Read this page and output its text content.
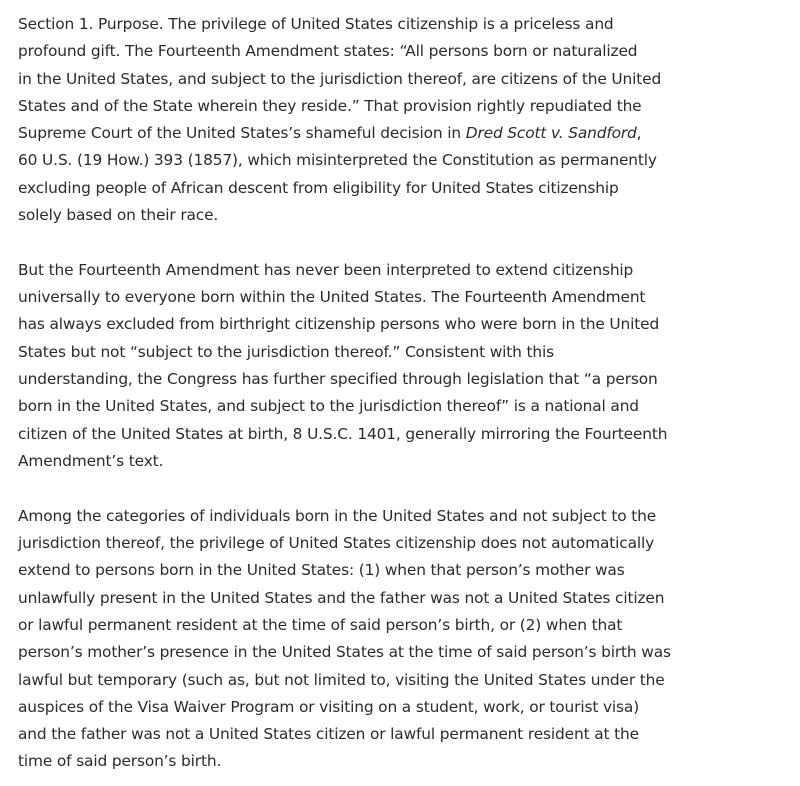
Section 1. Purpose. The privilege of United States citizenship is a priceless and
profound gift. The Fourteenth Amendment states: “All persons born or naturalized
in the United States, and subject to the jurisdiction thereof, are citizens of the United
States and of the State wherein they reside.” That provision rightly repudiated the
Supreme Court of the United States’s shameful decision in Dred Scott v. Sandford,
60 U.S. (19 How.) 393 (1857), which misinterpreted the Constitution as permanently
excluding people of African descent from eligibility for United States citizenship
solely based on their race.

But the Fourteenth Amendment has never been interpreted to extend citizenship
universally to everyone born within the United States. The Fourteenth Amendment
has always excluded from birthright citizenship persons who were born in the United
States but not “subject to the jurisdiction thereof.” Consistent with this
understanding, the Congress has further specified through legislation that “a person
born in the United States, and subject to the jurisdiction thereof” is a national and
citizen of the United States at birth, 8 U.S.C. 1401, generally mirroring the Fourteenth
Amendment’s text.

Among the categories of individuals born in the United States and not subject to the
jurisdiction thereof, the privilege of United States citizenship does not automatically
extend to persons born in the United States: (1) when that person’s mother was
unlawfully present in the United States and the father was not a United States citizen
or lawful permanent resident at the time of said person’s birth, or (2) when that
person’s mother’s presence in the United States at the time of said person’s birth was
lawful but temporary (such as, but not limited to, visiting the United States under the
auspices of the Visa Waiver Program or visiting on a student, work, or tourist visa)
and the father was not a United States citizen or lawful permanent resident at the
time of said person’s birth.
